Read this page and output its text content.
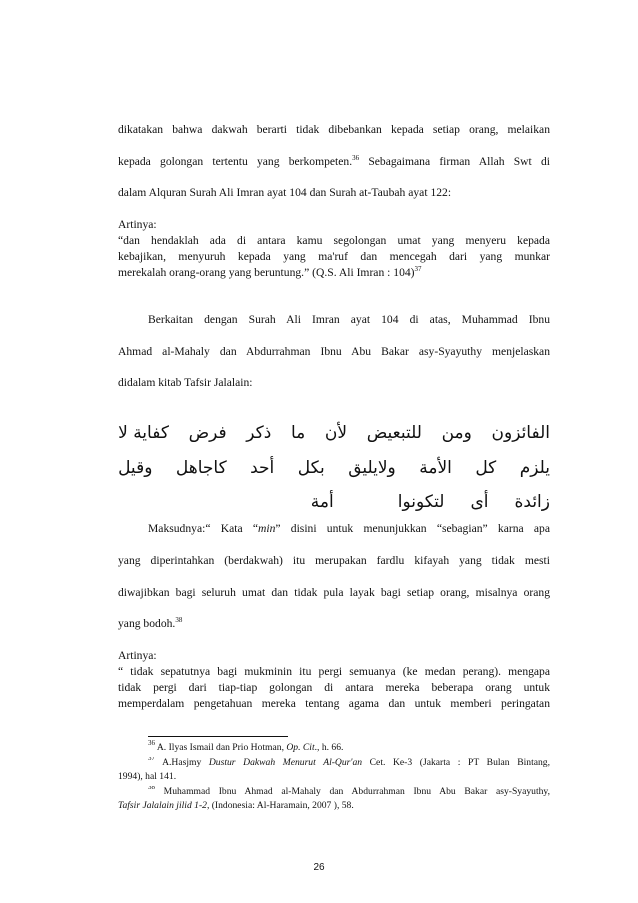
dikatakan bahwa dakwah berarti tidak dibebankan kepada setiap orang, melaikan
kepada golongan tertentu yang berkompeten.$^{36}$ Sebagaimana firman Allah Swt di
dalam Alquran Surah Ali Imran ayat 104 dan Surah at-Taubah ayat 122:
Artinya:
“dan hendaklah ada di antara kamu segolongan umat yang menyeru kepada
kebajikan, menyuruh kepada yang ma'ruf dan mencegah dari yang munkar
merekalah orang-orang yang beruntung.” (Q.S. Ali Imran : 104)$^{37}$
Berkaitan dengan Surah Ali Imran ayat 104 di atas, Muhammad Ibnu
Ahmad al-Mahaly dan Abdurrahman Ibnu Abu Bakar asy-Syayuthy menjelaskan
didalam kitab Tafsir Jalalain:
الفائزون
ومن
للتبعيض
لأن
ما
ذكر
فرض
كفاية لا
يلزم
كل
الأمة
ولايليق
بكل
أحد
كاجاهل
وقيل
زائدة
أى
لتكونوا
أمة
Maksudnya:“ Kata “min” disini untuk menunjukkan “sebagian” karna apa
yang diperintahkan (berdakwah) itu merupakan fardlu kifayah yang tidak mesti
diwajibkan bagi seluruh umat dan tidak pula layak bagi setiap orang, misalnya orang
yang bodoh.$^{38}$
Artinya:
“ tidak sepatutnya bagi mukminin itu pergi semuanya (ke medan perang). mengapa
tidak pergi dari tiap-tiap golongan di antara mereka beberapa orang untuk
memperdalam pengetahuan mereka tentang agama dan untuk memberi peringatan
$^{36}$ A. Ilyas Ismail dan Prio Hotman, Op. Cit., h. 66.
$^{37}$ A.Hasjmy Dustur Dakwah Menurut Al-Qur'an Cet. Ke-3 (Jakarta : PT Bulan Bintang,
1994), hal 141.
$^{38}$ Muhammad Ibnu Ahmad al-Mahaly dan Abdurrahman Ibnu Abu Bakar asy-Syayuthy,
Tafsir Jalalain jilid 1-2, (Indonesia: Al-Haramain, 2007 ), 58.
26
